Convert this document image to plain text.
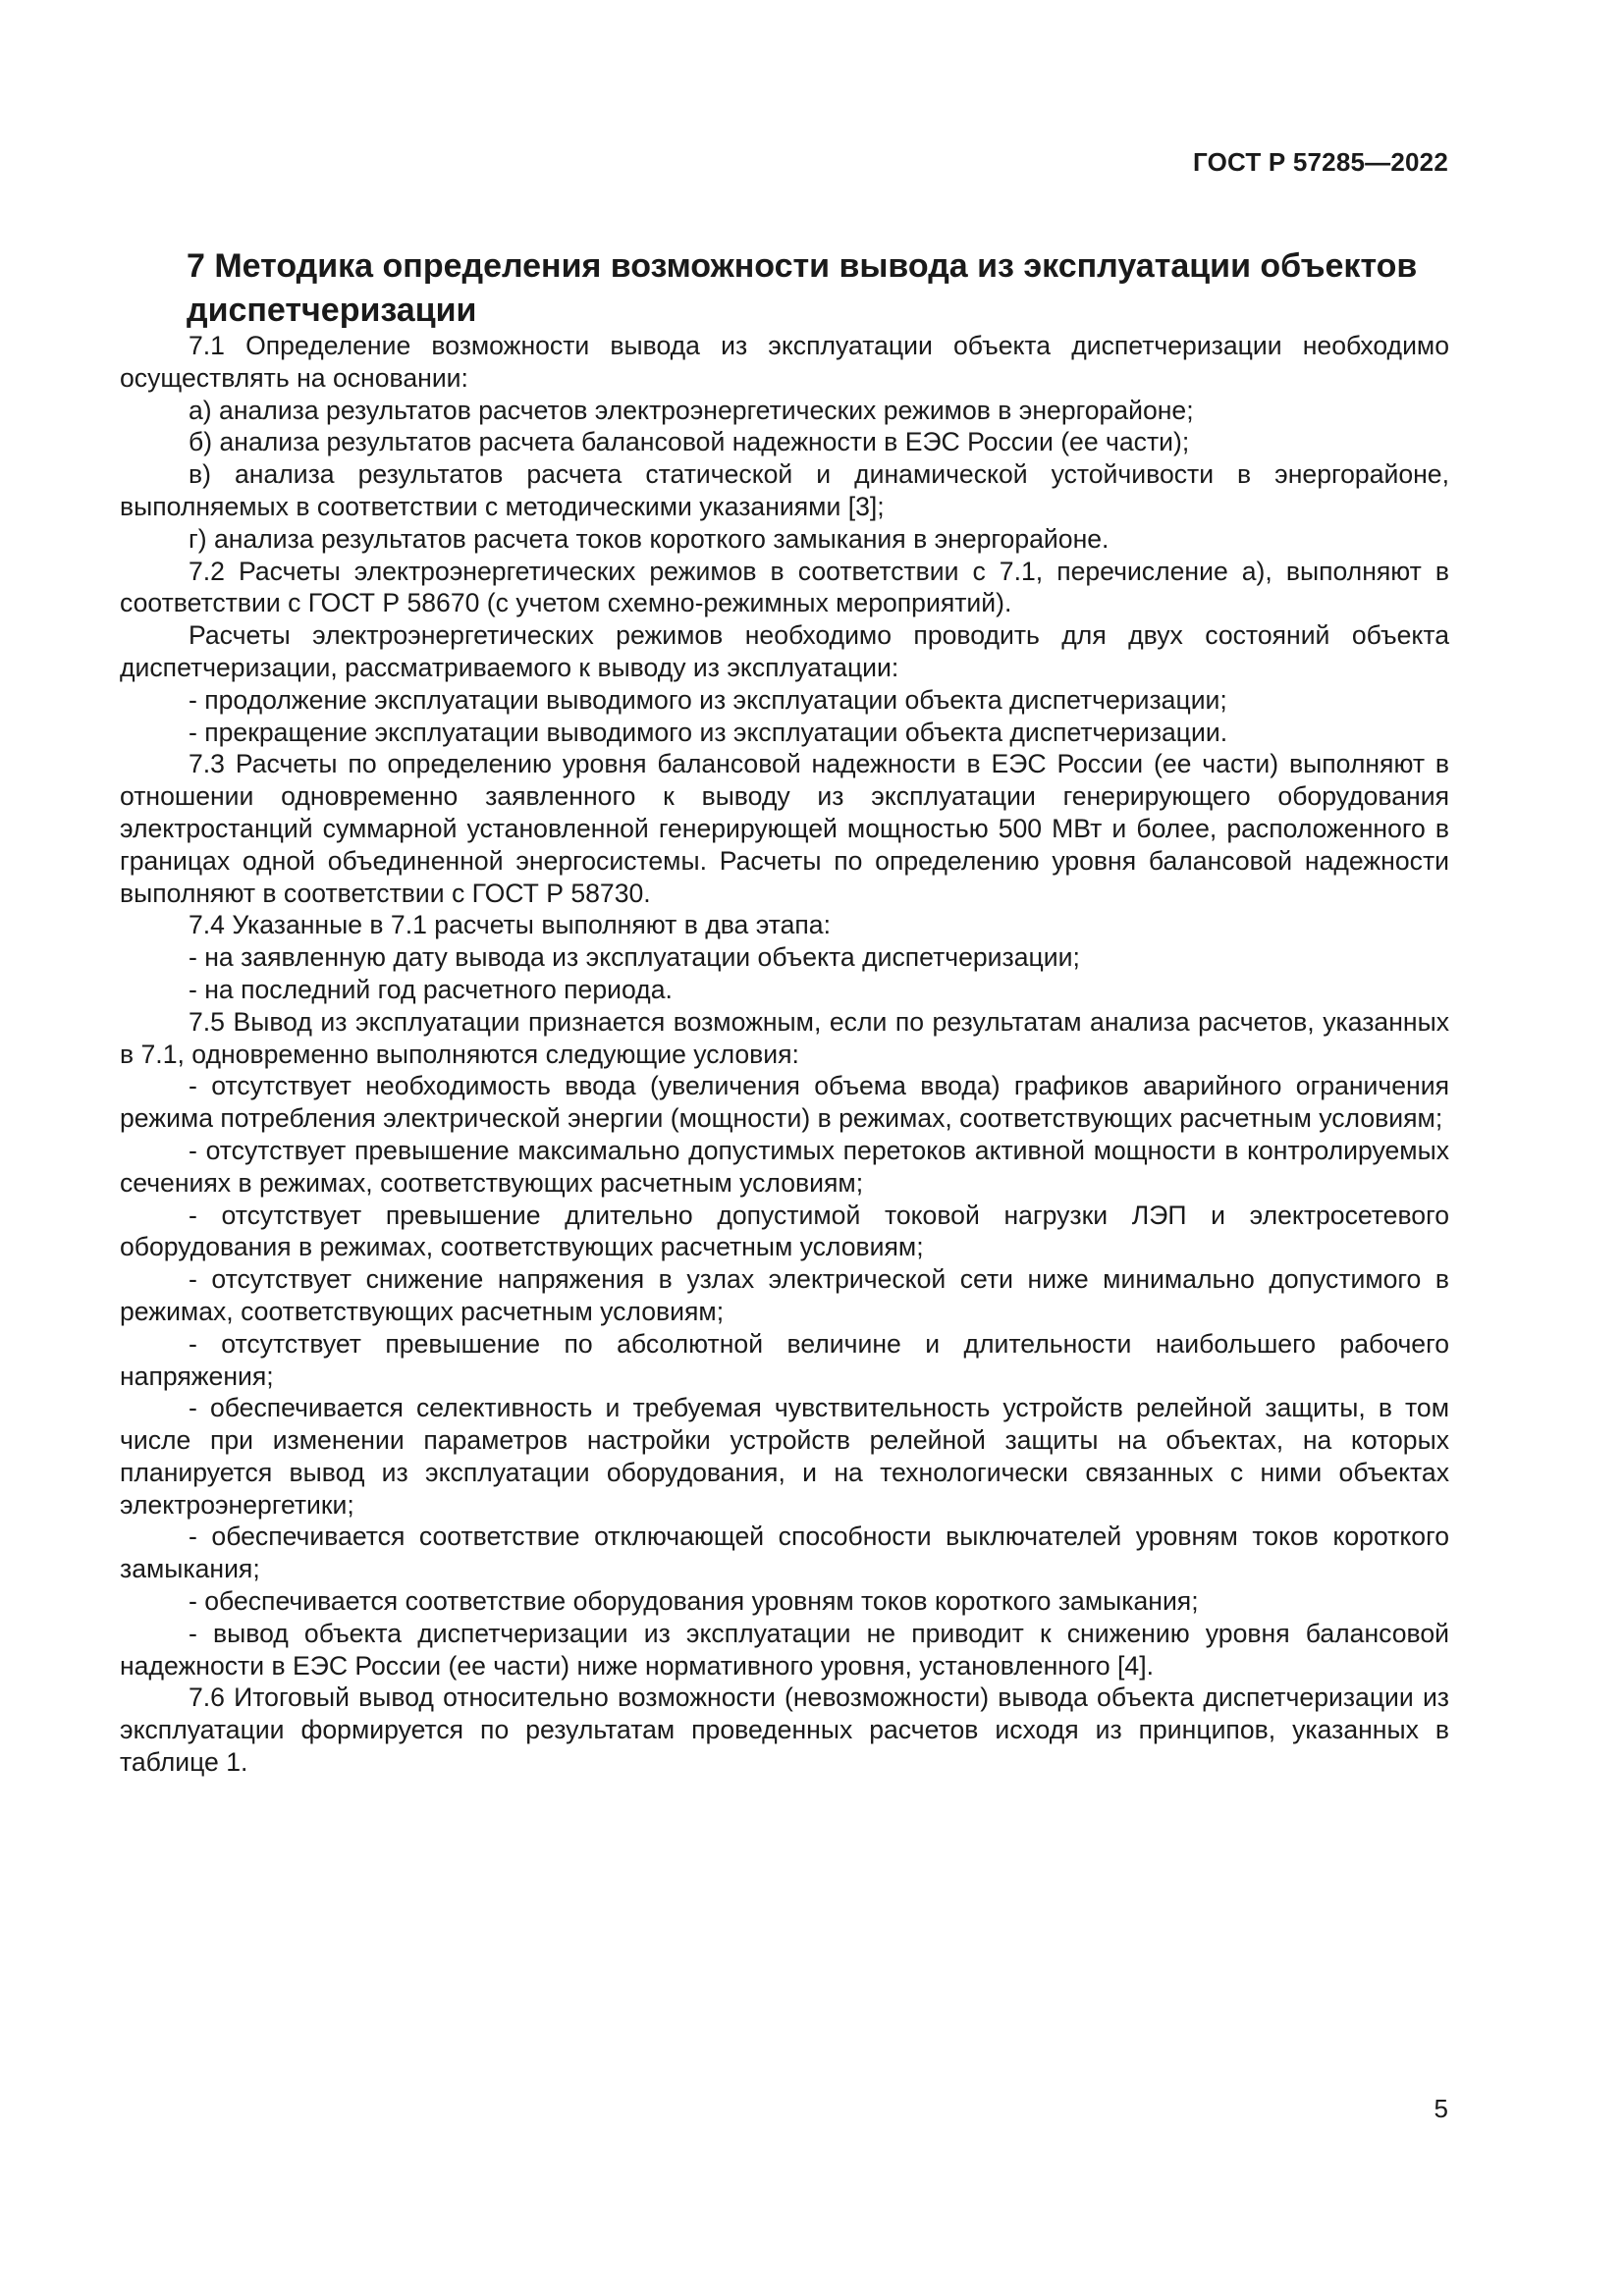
ГОСТ Р 57285—2022
7 Методика определения возможности вывода из эксплуатации объектов диспетчеризации

7.1 Определение возможности вывода из эксплуатации объекта диспетчеризации необходимо осуществлять на основании:

а) анализа результатов расчетов электроэнергетических режимов в энергорайоне;

б) анализа результатов расчета балансовой надежности в ЕЭС России (ее части);

в) анализа результатов расчета статической и динамической устойчивости в энергорайоне, выполняемых в соответствии с методическими указаниями [3];

г) анализа результатов расчета токов короткого замыкания в энергорайоне.

7.2 Расчеты электроэнергетических режимов в соответствии с 7.1, перечисление а), выполняют в соответствии с ГОСТ Р 58670 (с учетом схемно-режимных мероприятий).

Расчеты электроэнергетических режимов необходимо проводить для двух состояний объекта диспетчеризации, рассматриваемого к выводу из эксплуатации:

- продолжение эксплуатации выводимого из эксплуатации объекта диспетчеризации;

- прекращение эксплуатации выводимого из эксплуатации объекта диспетчеризации.

7.3 Расчеты по определению уровня балансовой надежности в ЕЭС России (ее части) выполняют в отношении одновременно заявленного к выводу из эксплуатации генерирующего оборудования электростанций суммарной установленной генерирующей мощностью 500 МВт и более, расположенного в границах одной объединенной энергосистемы. Расчеты по определению уровня балансовой надежности выполняют в соответствии с ГОСТ Р 58730.

7.4 Указанные в 7.1 расчеты выполняют в два этапа:

- на заявленную дату вывода из эксплуатации объекта диспетчеризации;

- на последний год расчетного периода.

7.5 Вывод из эксплуатации признается возможным, если по результатам анализа расчетов, указанных в 7.1, одновременно выполняются следующие условия:

- отсутствует необходимость ввода (увеличения объема ввода) графиков аварийного ограничения режима потребления электрической энергии (мощности) в режимах, соответствующих расчетным условиям;

- отсутствует превышение максимально допустимых перетоков активной мощности в контролируемых сечениях в режимах, соответствующих расчетным условиям;

- отсутствует превышение длительно допустимой токовой нагрузки ЛЭП и электросетевого оборудования в режимах, соответствующих расчетным условиям;

- отсутствует снижение напряжения в узлах электрической сети ниже минимально допустимого в режимах, соответствующих расчетным условиям;

- отсутствует превышение по абсолютной величине и длительности наибольшего рабочего напряжения;

- обеспечивается селективность и требуемая чувствительность устройств релейной защиты, в том числе при изменении параметров настройки устройств релейной защиты на объектах, на которых планируется вывод из эксплуатации оборудования, и на технологически связанных с ними объектах электроэнергетики;

- обеспечивается соответствие отключающей способности выключателей уровням токов короткого замыкания;

- обеспечивается соответствие оборудования уровням токов короткого замыкания;

- вывод объекта диспетчеризации из эксплуатации не приводит к снижению уровня балансовой надежности в ЕЭС России (ее части) ниже нормативного уровня, установленного [4].

7.6 Итоговый вывод относительно возможности (невозможности) вывода объекта диспетчеризации из эксплуатации формируется по результатам проведенных расчетов исходя из принципов, указанных в таблице 1.

5
